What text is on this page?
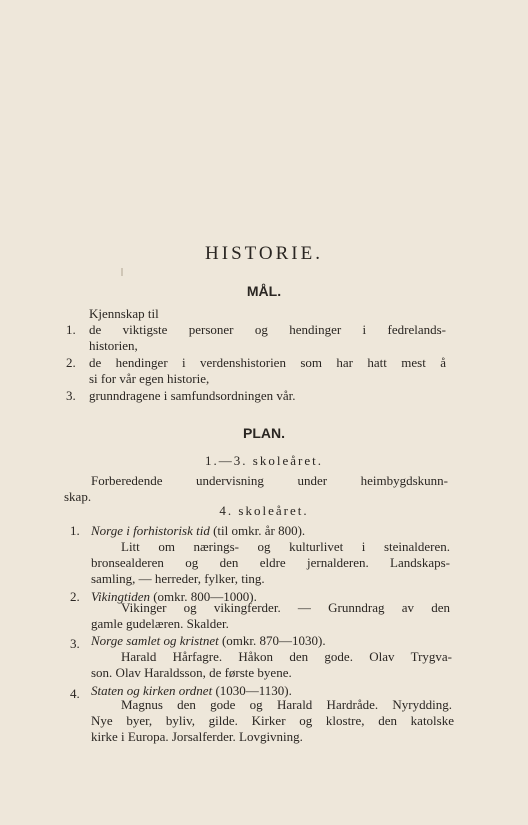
HISTORIE.
MÅL.
Kjennskap til
1. de viktigste personer og hendinger i fedrelands-
historien,
2. de hendinger i verdenshistorien som har hatt mest å
si for vår egen historie,
3. grunndragene i samfundsordningen vår.
PLAN.
1.—3. skoleåret.
Forberedende undervisning under heimbygdskunn-
skap.
4. skoleåret.
1. Norge i forhistorisk tid (til omkr. år 800).
Litt om nærings- og kulturlivet i steinalderen.
bronsealderen og den eldre jernalderen. Landskaps-
samling, — herreder, fylker, ting.
2. Vikingtiden (omkr. 800—1000).
Vikinger og vikingferder. — Grunndrag av den
gamle gudelæren. Skalder.
3. Norge samlet og kristnet (omkr. 870—1030).
Harald Hårfagre. Håkon den gode. Olav Trygva-
son. Olav Haraldsson, de første byene.
4. Staten og kirken ordnet (1030—1130).
Magnus den gode og Harald Hardråde. Nyrydding.
Nye byer, byliv, gilde. Kirker og klostre, den katolske
kirke i Europa. Jorsalferder. Lovgivning.
